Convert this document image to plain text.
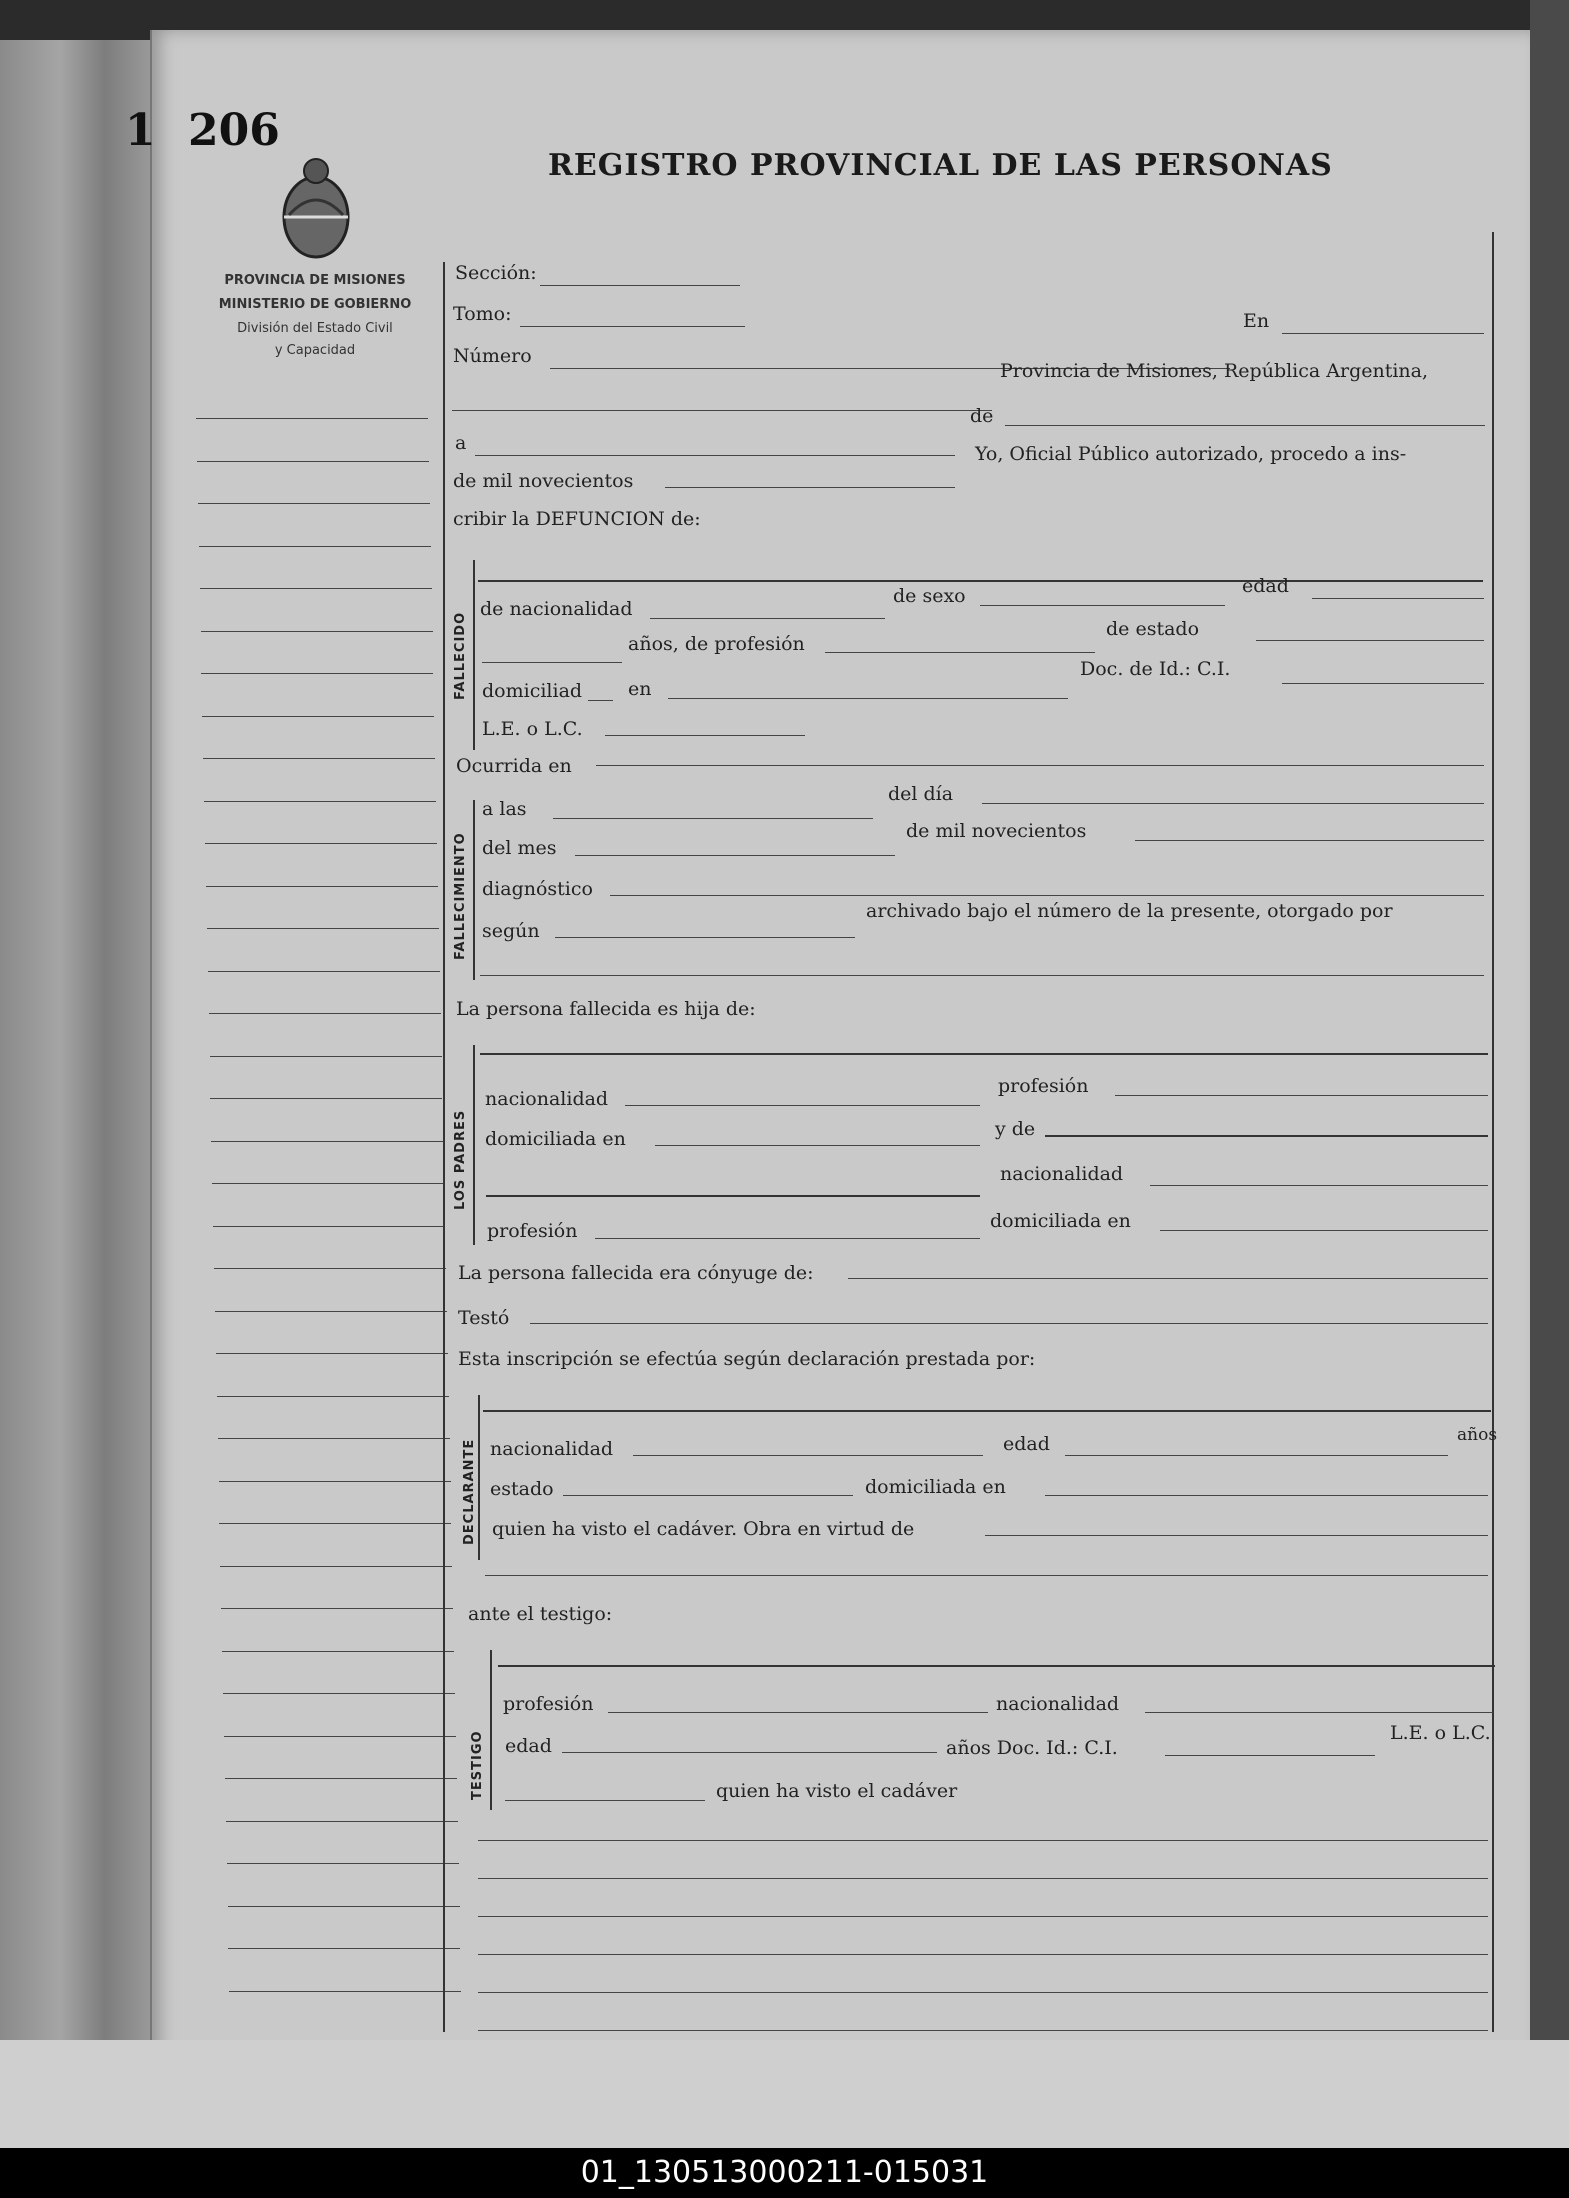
1 206
REGISTRO PROVINCIAL DE LAS PERSONAS
PROVINCIA DE MISIONES
MINISTERIO DE GOBIERNO
División del Estado Civil
y Capacidad
Sección:
Tomo:
Número
En
Provincia de Misiones, República Argentina,
de
a
de mil novecientos
Yo, Oficial Público autorizado, procedo a ins-
cribir la DEFUNCION de:
FALLECIDO
de nacionalidad
de sexo	edad
años, de profesión
de estado
domiciliad en
Doc. de Id.: C.I.
L.E. o L.C.
Ocurrida en
FALLECIMIENTO
a las
del día
del mes
de mil novecientos
diagnóstico
según
archivado bajo el número de la presente, otorgado por
La persona fallecida es hija de:
LOS PADRES
nacionalidad
profesión
domiciliada en	y de
nacionalidad
profesión	domiciliada en
La persona fallecida era cónyuge de:
Testó
Esta inscripción se efectúa según declaración prestada por:
DECLARANTE nacionalidad	edad	años
estado	domiciliada en
quien ha visto el cadáver. Obra en virtud de
ante el testigo:
TESTIGO
profesión	nacionalidad
edad	años Doc. Id.: C.I.
L.E. o L.C.
quien ha visto el cadáver
01_130513000211-015031
